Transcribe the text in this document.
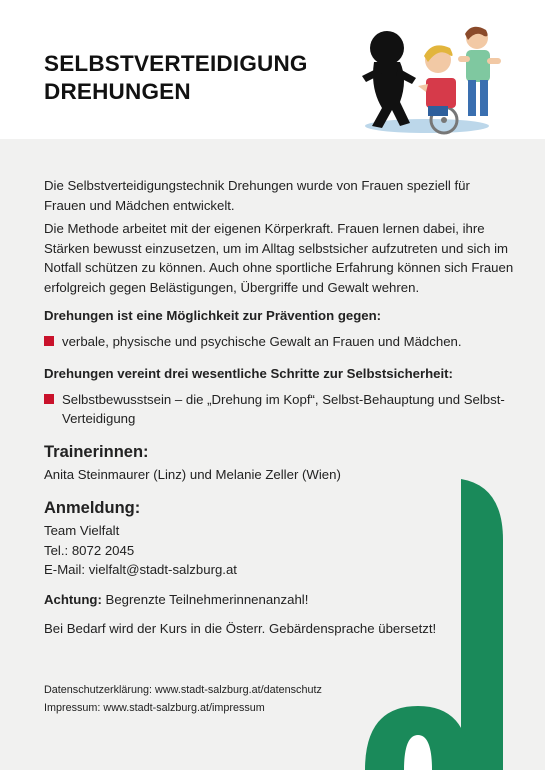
SELBSTVERTEIDIGUNG
DREHUNGEN

Die Selbstverteidigungstechnik Drehungen wurde von Frauen speziell für Frauen und Mädchen entwickelt.

Die Methode arbeitet mit der eigenen Körperkraft. Frauen lernen dabei, ihre Stärken bewusst einzusetzen, um im Alltag selbstsicher aufzutreten und sich im Notfall schützen zu können. Auch ohne sportliche Erfahrung können sich Frauen erfolgreich gegen Belästigungen, Übergriffe und Gewalt wehren.

Drehungen ist eine Möglichkeit zur Prävention gegen:
verbale, physische und psychische Gewalt an Frauen und Mädchen.
Drehungen vereint drei wesentliche Schritte zur Selbstsicherheit:
Selbstbewusstsein – die „Drehung im Kopf“, Selbst-Behauptung und Selbst-Verteidigung
Trainerinnen:
Anita Steinmaurer (Linz) und Melanie Zeller (Wien)
Anmeldung:
Team Vielfalt
Tel.: 8072 2045
E-Mail: vielfalt@stadt-salzburg.at
Achtung: Begrenzte Teilnehmerinnenanzahl!
Bei Bedarf wird der Kurs in die Österr. Gebärdensprache übersetzt!
Datenschutzerklärung: www.stadt-salzburg.at/datenschutz
Impressum: www.stadt-salzburg.at/impressum
